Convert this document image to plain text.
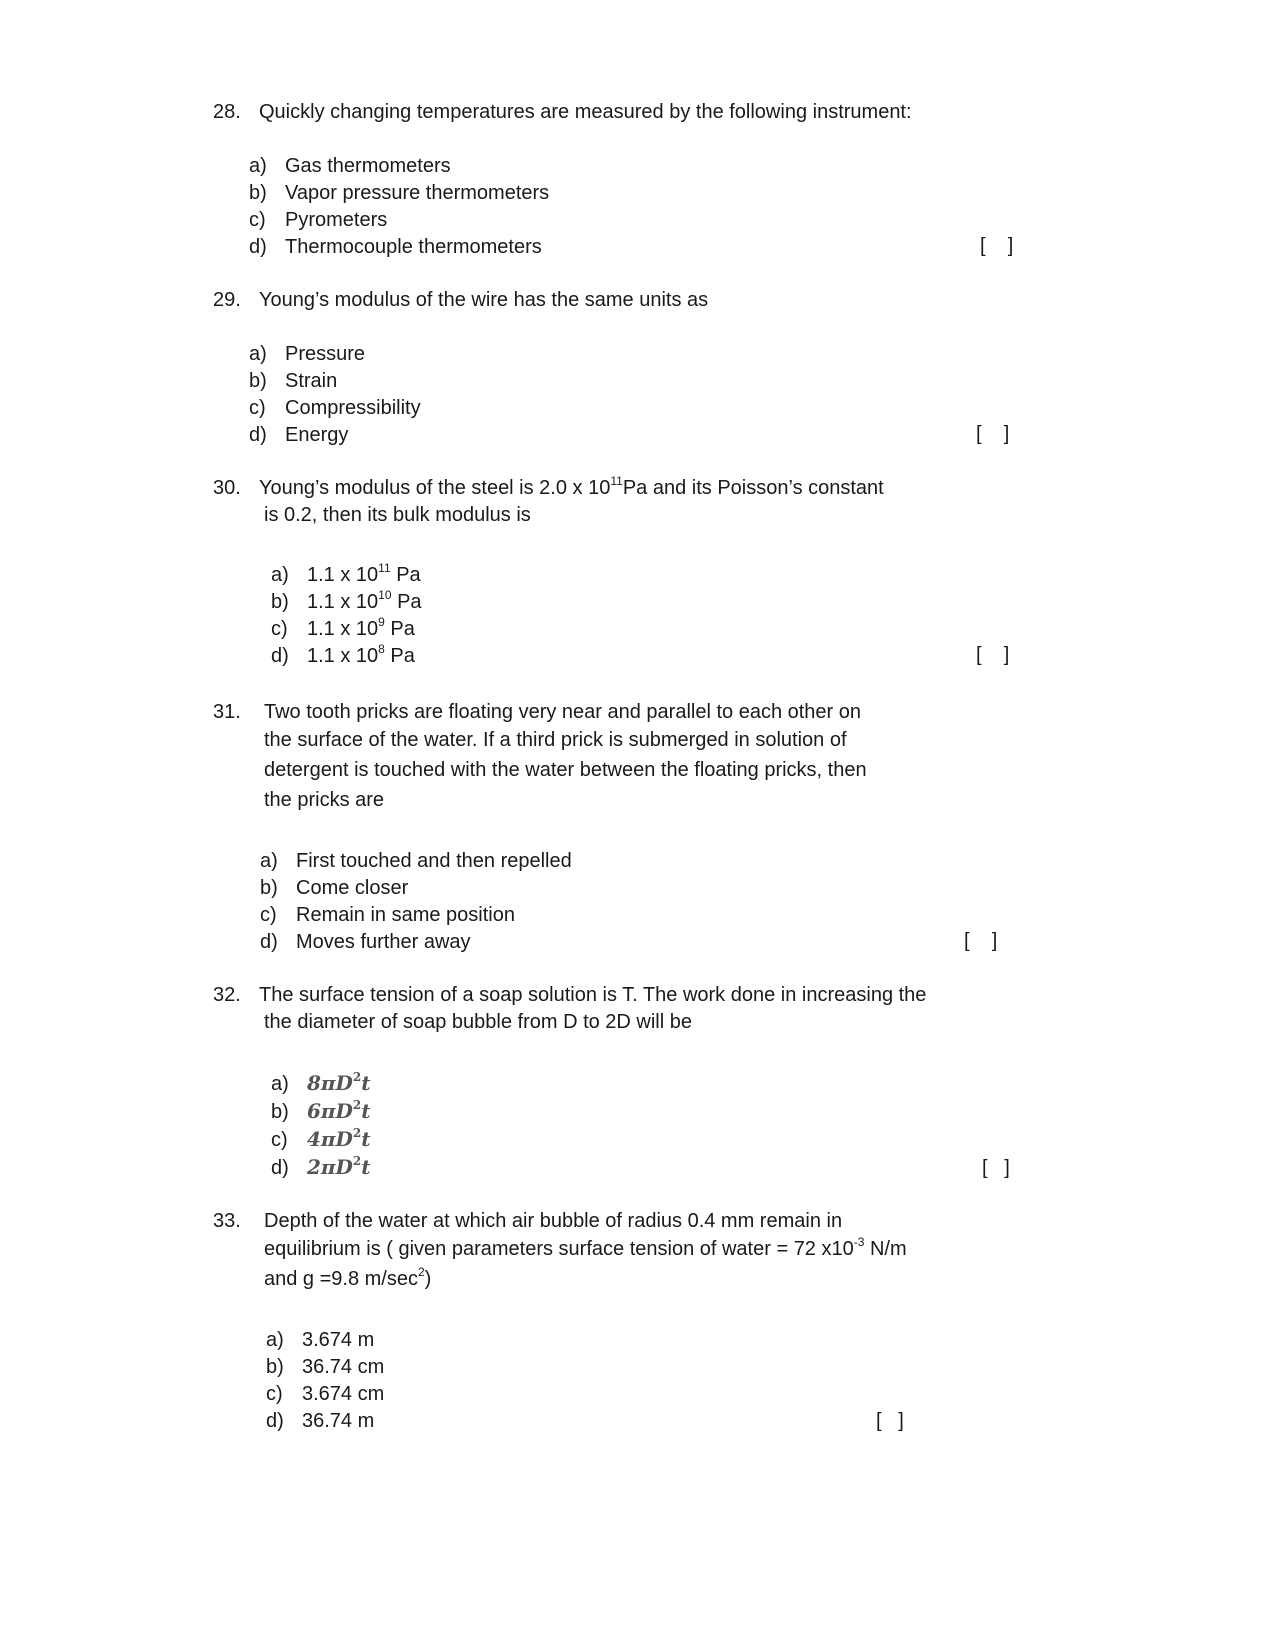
28. Quickly changing temperatures are measured by the following instrument:
a) Gas thermometers
b) Vapor pressure thermometers
c) Pyrometers
d) Thermocouple thermometers	[    ]
29. Young’s modulus of the wire has the same units as
a) Pressure
b) Strain
c) Compressibility
d) Energy	[    ]
30. Young’s modulus of the steel is 2.0 x $10^{11}Pa$ and its Poisson’s constant
is 0.2, then its bulk modulus is
a) 1.1 x $10^{11}$ Pa
b) 1.1 x $10^{10}$ Pa
c) 1.1 x $10^9$ Pa
d) 1.1 x $10^8$ Pa	[    ]
31. Two tooth pricks are floating very near and parallel to each other on
the surface of the water. If a third prick is submerged in solution of
detergent is touched with the water between the floating pricks, then
the pricks are
a) First touched and then repelled
b) Come closer
c) Remain in same position
d) Moves further away	[    ]
32. The surface tension of a soap solution is T. The work done in increasing the
the diameter of soap bubble from D to 2D will be
a) $8\pi D^2t$
b) $6\pi D^2t$
c) $4\pi D^2t$
d) $2\pi D^2t$	[   ]
33. Depth of the water at which air bubble of radius 0.4 mm remain in
equilibrium is ( given parameters surface tension of water = 72 $x10^{-3}$ N/m
and g =9.8 $m/\sec^2$)
a) 3.674 m
b) 36.74 cm
c) 3.674 cm
d) 36.74 m	[   ]
